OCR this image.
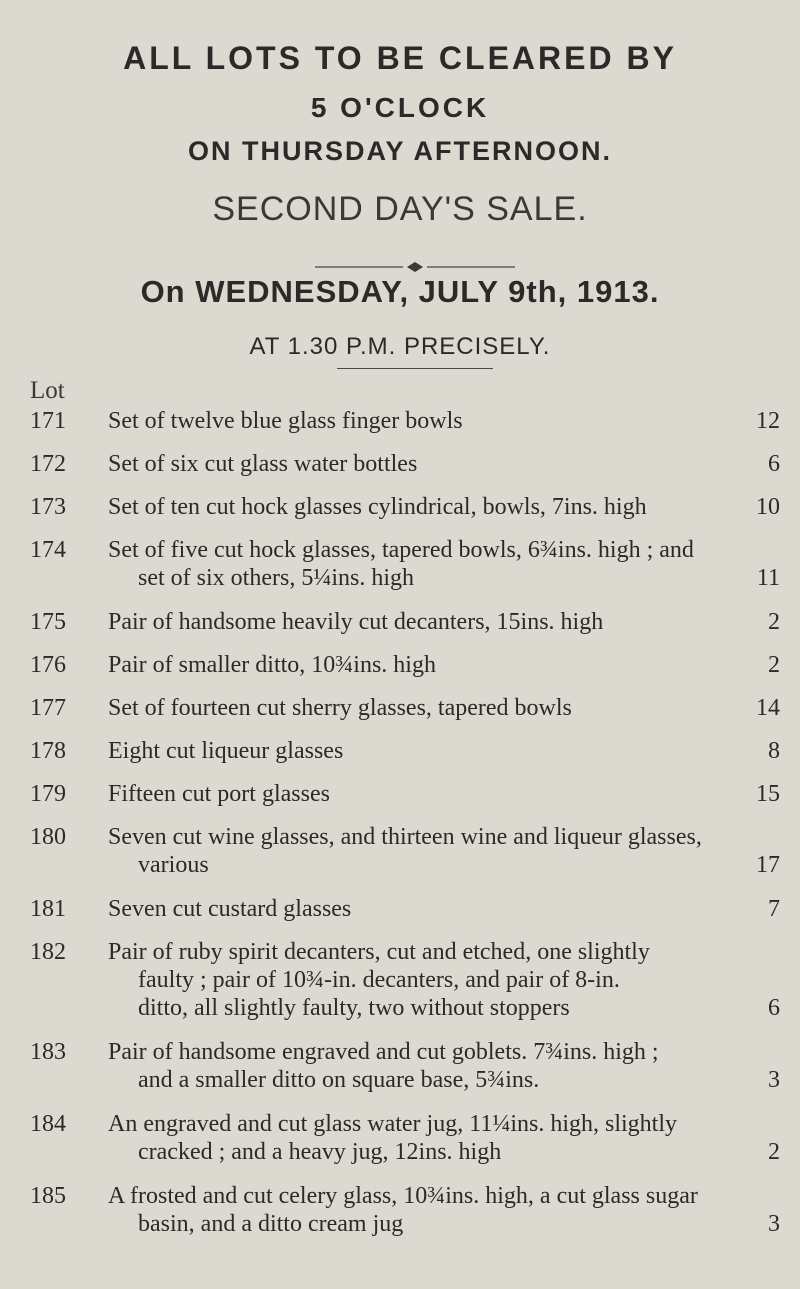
ALL LOTS TO BE CLEARED BY
5 O'CLOCK
ON THURSDAY AFTERNOON.
SECOND DAY'S SALE.
On WEDNESDAY, JULY 9th, 1913.
AT 1.30 P.M. PRECISELY.
Lot
171 Set of twelve blue glass finger bowls	12
172 Set of six cut glass water bottles	6
173 Set of ten cut hock glasses cylindrical, bowls, 7ins. high	10
174 Set of five cut hock glasses, tapered bowls, 6¾ins. high ; and
set of six others, 5¼ins. high	11
175 Pair of handsome heavily cut decanters, 15ins. high	2
176 Pair of smaller ditto, 10¾ins. high	2
177 Set of fourteen cut sherry glasses, tapered bowls	14
178 Eight cut liqueur glasses	8
179 Fifteen cut port glasses	15
180 Seven cut wine glasses, and thirteen wine and liqueur glasses,
various	17
181 Seven cut custard glasses	7
182 Pair of ruby spirit decanters, cut and etched, one slightly
faulty ; pair of 10¾-in. decanters, and pair of 8-in.
ditto, all slightly faulty, two without stoppers	6
183 Pair of handsome engraved and cut goblets. 7¾ins. high ;
and a smaller ditto on square base, 5¾ins.	3
184 An engraved and cut glass water jug, 11¼ins. high, slightly
cracked ; and a heavy jug, 12ins. high	2
185 A frosted and cut celery glass, 10¾ins. high, a cut glass sugar
basin, and a ditto cream jug	3
